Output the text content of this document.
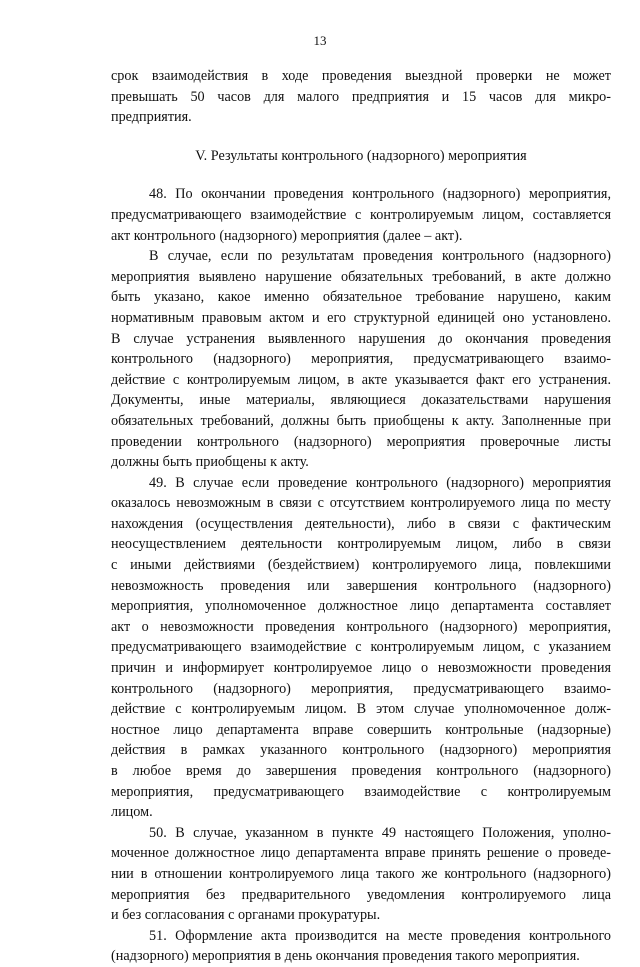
13
срок взаимодействия в ходе проведения выездной проверки не может
превышать 50 часов для малого предприятия и 15 часов для микро-
предприятия.
V. Результаты контрольного (надзорного) мероприятия
48. По окончании проведения контрольного (надзорного) мероприятия,
предусматривающего взаимодействие с контролируемым лицом, составляется
акт контрольного (надзорного) мероприятия (далее – акт).
В случае, если по результатам проведения контрольного (надзорного)
мероприятия выявлено нарушение обязательных требований, в акте должно
быть указано, какое именно обязательное требование нарушено, каким
нормативным правовым актом и его структурной единицей оно установлено.
В случае устранения выявленного нарушения до окончания проведения
контрольного (надзорного) мероприятия, предусматривающего взаимо-
действие с контролируемым лицом, в акте указывается факт его устранения.
Документы, иные материалы, являющиеся доказательствами нарушения
обязательных требований, должны быть приобщены к акту. Заполненные при
проведении контрольного (надзорного) мероприятия проверочные листы
должны быть приобщены к акту.
49. В случае если проведение контрольного (надзорного) мероприятия
оказалось невозможным в связи с отсутствием контролируемого лица по месту
нахождения (осуществления деятельности), либо в связи с фактическим
неосуществлением деятельности контролируемым лицом, либо в связи
с иными действиями (бездействием) контролируемого лица, повлекшими
невозможность проведения или завершения контрольного (надзорного)
мероприятия, уполномоченное должностное лицо департамента составляет
акт о невозможности проведения контрольного (надзорного) мероприятия,
предусматривающего взаимодействие с контролируемым лицом, с указанием
причин и информирует контролируемое лицо о невозможности проведения
контрольного (надзорного) мероприятия, предусматривающего взаимо-
действие с контролируемым лицом. В этом случае уполномоченное долж-
ностное лицо департамента вправе совершить контрольные (надзорные)
действия в рамках указанного контрольного (надзорного) мероприятия
в любое время до завершения проведения контрольного (надзорного)
мероприятия, предусматривающего взаимодействие с контролируемым
лицом.
50. В случае, указанном в пункте 49 настоящего Положения, уполно-
моченное должностное лицо департамента вправе принять решение о проведе-
нии в отношении контролируемого лица такого же контрольного (надзорного)
мероприятия без предварительного уведомления контролируемого лица
и без согласования с органами прокуратуры.
51. Оформление акта производится на месте проведения контрольного
(надзорного) мероприятия в день окончания проведения такого мероприятия.
